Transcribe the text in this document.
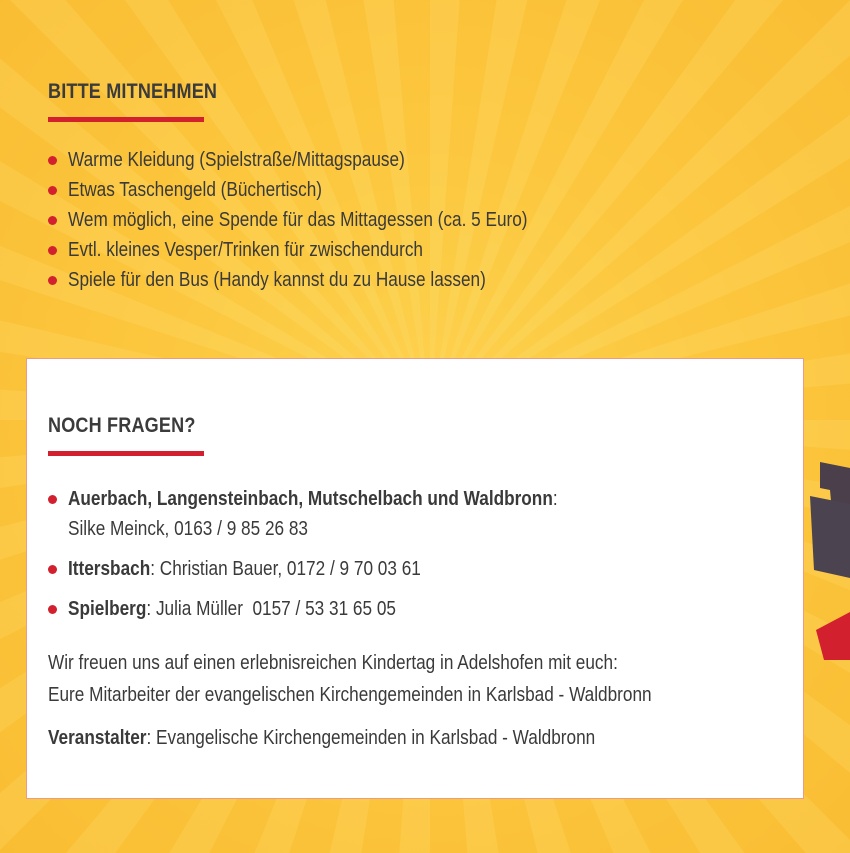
BITTE MITNEHMEN
Warme Kleidung (Spielstraße/Mittagspause)
Etwas Taschengeld (Büchertisch)
Wem möglich, eine Spende für das Mittagessen (ca. 5 Euro)
Evtl. kleines Vesper/Trinken für zwischendurch
Spiele für den Bus (Handy kannst du zu Hause lassen)
NOCH FRAGEN?
Auerbach, Langensteinbach, Mutschelbach und Waldbronn:
Silke Meinck, 0163 / 9 85 26 83
Ittersbach: Christian Bauer, 0172 / 9 70 03 61
Spielberg: Julia Müller  0157 / 53 31 65 05

Wir freuen uns auf einen erlebnisreichen Kindertag in Adelshofen mit euch:

Eure Mitarbeiter der evangelischen Kirchengemeinden in Karlsbad - Waldbronn

Veranstalter: Evangelische Kirchengemeinden in Karlsbad - Waldbronn
